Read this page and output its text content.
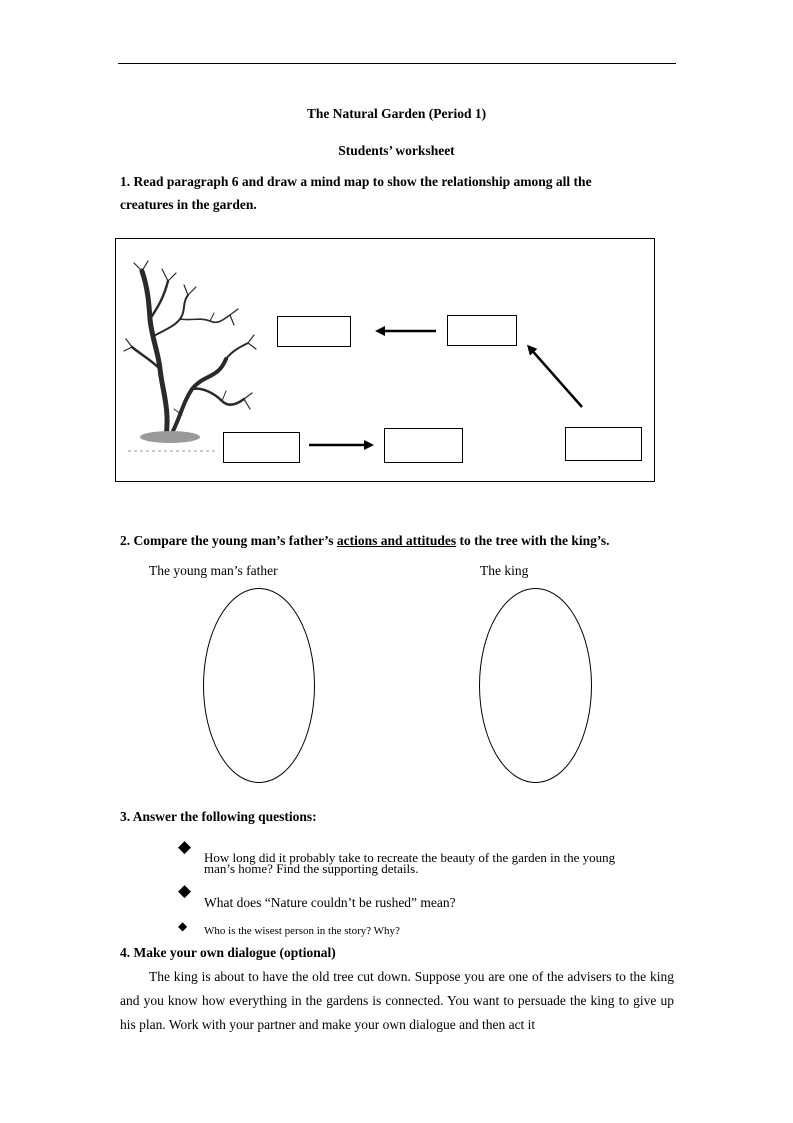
The Natural Garden (Period 1)
Students’ worksheet
1. Read paragraph 6 and draw a mind map to show the relationship among all the
creatures in the garden.
2. Compare the young man’s father’s actions and attitudes to the tree with the king’s.
The young man’s father	The king
3. Answer the following questions:
◆
How long did it probably take to recreate the beauty of the garden in the young
man’s home? Find the supporting details.
◆
What does “Nature couldn’t be rushed” mean?
◆ Who is the wisest person in the story? Why?
4. Make your own dialogue (optional)
The king is about to have the old tree cut down. Suppose you are one of the advisers to the king and you know how everything in the gardens is connected. You want to persuade the king to give up his plan. Work with your partner and make your own dialogue and then act it
